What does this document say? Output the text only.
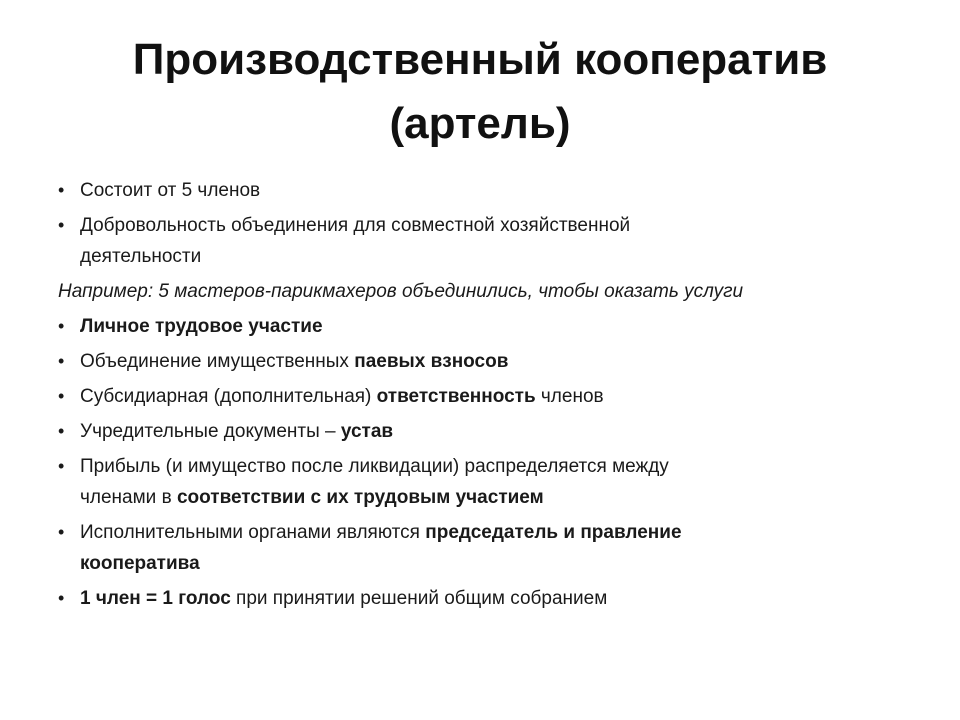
Производственный кооператив
(артель)
• Состоит от 5 членов
• Добровольность объединения для совместной хозяйственной
деятельности
Например: 5 мастеров-парикмахеров объединились, чтобы оказать услуги
• Личное трудовое участие
• Объединение имущественных паевых взносов
• Субсидиарная (дополнительная) ответственность членов
• Учредительные документы – устав
• Прибыль (и имущество после ликвидации) распределяется между
членами в соответствии с их трудовым участием
• Исполнительными органами являются председатель и правление
кооператива
• 1 член = 1 голос при принятии решений общим собранием
